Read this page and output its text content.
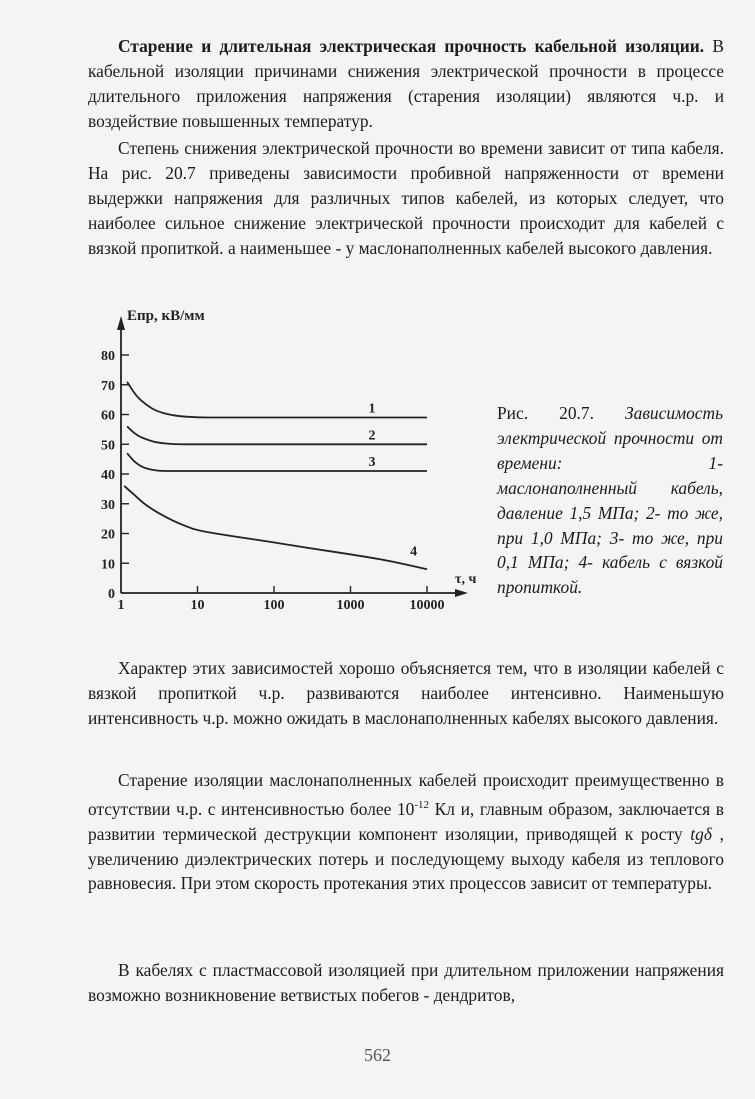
Старение и длительная электрическая прочность кабельной изоляции. В кабельной изоляции причинами снижения электрической прочности в процессе длительного приложения напряжения (старения изоляции) являются ч.р. и воздействие повышенных температур.

Степень снижения электрической прочности во времени зависит от типа кабеля. На рис. 20.7 приведены зависимости пробивной напряженности от времени выдержки напряжения для различных типов кабелей, из которых следует, что наиболее сильное снижение электрической прочности происходит для кабелей с вязкой пропиткой. а наименьшее - у маслонаполненных кабелей высокого давления.

Eпр, кВ/мм
τ, ч
0
10
20
30
40
50
60
70
80
1	10	100	1000	10000
1
2
3
4

Рис. 20.7. Зависимость электрической прочности от времени: 1- маслонаполненный кабель, давление 1,5 МПа; 2- то же, при 1,0 МПа; 3- то же, при 0,1 МПа; 4- кабель с вязкой пропиткой.

Характер этих зависимостей хорошо объясняется тем, что в изоляции кабелей с вязкой пропиткой ч.р. развиваются наиболее интенсивно. Наименьшую интенсивность ч.р. можно ожидать в маслонаполненных кабелях высокого давления.

Старение изоляции маслонаполненных кабелей происходит преимущественно в отсутствии ч.р. с интенсивностью более $10^{-12}$ Кл и, главным образом, заключается в развитии термической деструкции компонент изоляции, приводящей к росту tgδ , увеличению диэлектрических потерь и последующему выходу кабеля из теплового равновесия. При этом скорость протекания этих процессов зависит от температуры.

В кабелях с пластмассовой изоляцией при длительном приложении напряжения возможно возникновение ветвистых побегов - дендритов,

562
